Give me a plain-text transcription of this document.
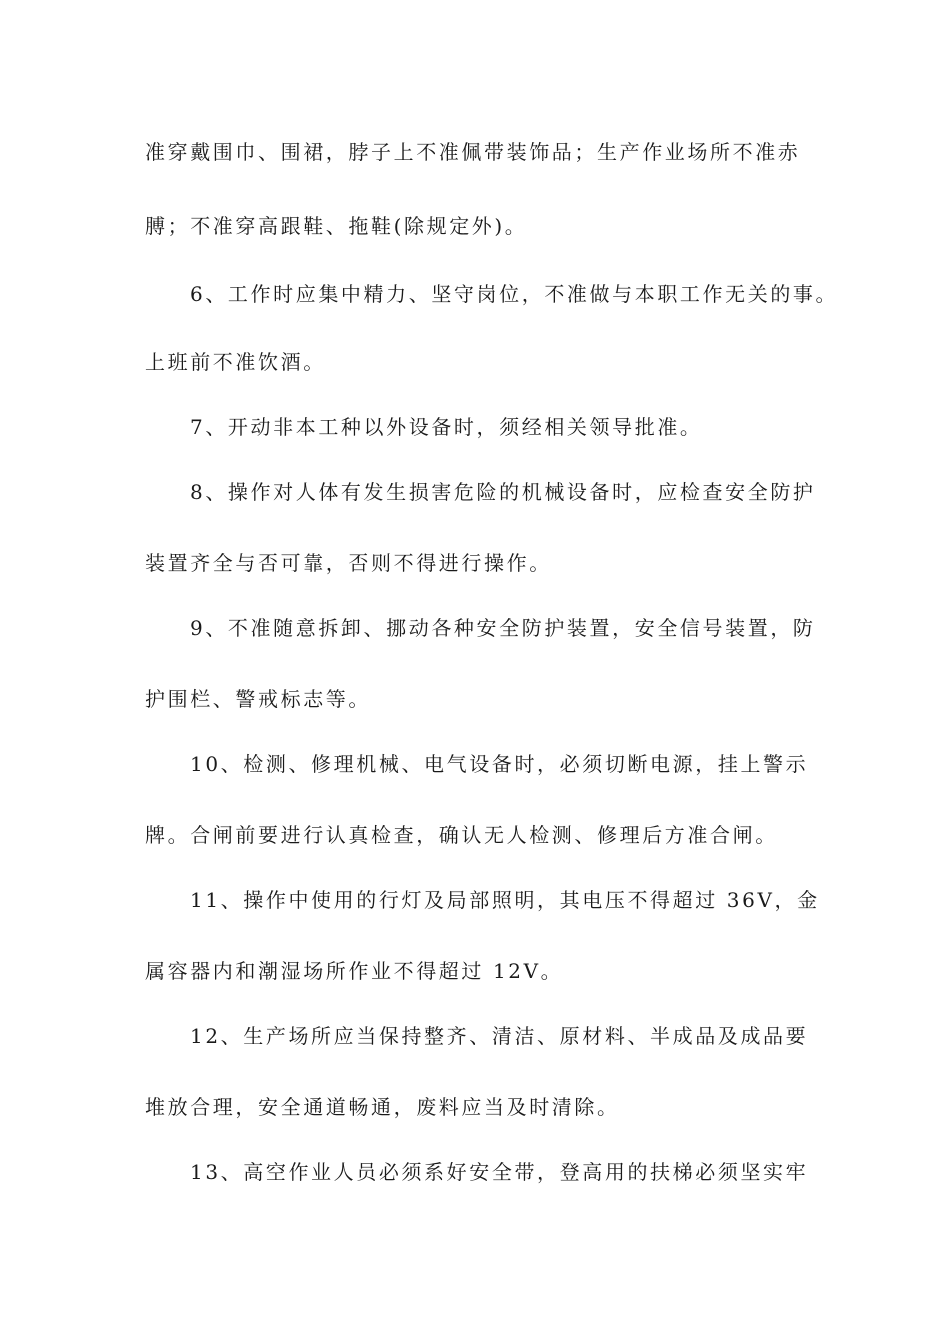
准穿戴围巾、围裙，脖子上不准佩带装饰品；生产作业场所不准赤
膊；不准穿高跟鞋、拖鞋(除规定外)。
6、工作时应集中精力、坚守岗位，不准做与本职工作无关的事。
上班前不准饮酒。
7、开动非本工种以外设备时，须经相关领导批准。
8、操作对人体有发生损害危险的机械设备时，应检查安全防护
装置齐全与否可靠，否则不得进行操作。
9、不准随意拆卸、挪动各种安全防护装置，安全信号装置，防
护围栏、警戒标志等。
10、检测、修理机械、电气设备时，必须切断电源，挂上警示
牌。合闸前要进行认真检查，确认无人检测、修理后方准合闸。
11、操作中使用的行灯及局部照明，其电压不得超过 36V，金
属容器内和潮湿场所作业不得超过 12V。
12、生产场所应当保持整齐、清洁、原材料、半成品及成品要
堆放合理，安全通道畅通，废料应当及时清除。
13、高空作业人员必须系好安全带，登高用的扶梯必须坚实牢
